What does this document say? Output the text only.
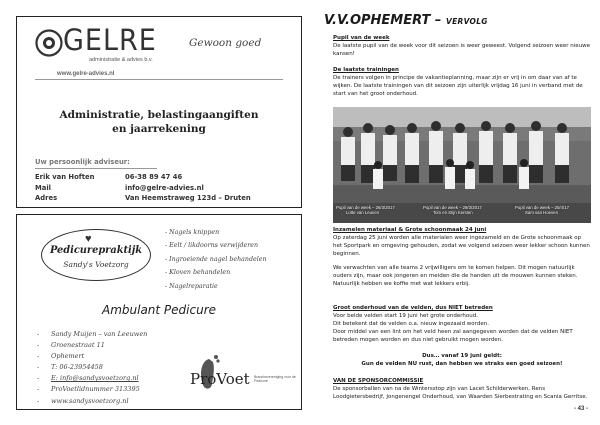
GELRE
administratie & advies b.v.
Gewoon goed
www.gelre-advies.nl
Administratie, belastingaangiften
en jaarrekening
Uw persoonlijk adviseur:
Erik van Hoften	06-38 89 47 46
Mail	info@gelre-advies.nl
Adres	Van Heemstraweg 123d – Druten
♥
Pedicurepraktijk
Sandy's Voetzorg
- Nagels knippen
- Eelt / likdoorns verwijderen
- Ingroeiende nagel behandelen
- Kloven behandelen
- Nagelreparatie
Ambulant Pedicure
- Sandy Muijen – van Leeuwen
- Groenestraat 11
- Ophemert
- T: 06-23954458
- E: info@sandysvoetzorg.nl
- ProVoetlidnummer 313395
- www.sandysvoetzorg.nl
ProVoet Branchevereniging voor de Pedicure
V.V.OPHEMERT – VERVOLG
Pupil van de week
De laatste pupil van de week voor dit seizoen is weer geweest. Volgend seizoen weer nieuwe kansen!
De laatste trainingen
De trainers volgen in principe de vakantieplanning, maar zijn er vrij in om daar van af te wijken. De laatste trainingen van dit seizoen zijn uiterlijk vrijdag 16 juni in verband met de start van het groot onderhoud.
Pupil van de week – 26/3/2017
Lotte van Leuven
Pupil van de week – 29/3/2017
Tom en Stijn Kersten
Pupil van de week – 20/4/17
Sam van Hoeven
Inzamelen materiaal & Grote schoonmaak 24 juni
Op zaterdag 25 juni worden alle materialen weer ingezameld en de Grote schoonmaak op het Sportpark en omgeving gehouden, zodat we volgend seizoen weer lekker schoon kunnen beginnen.
We verwachten van alle teams 2 vrijwilligers om te komen helpen. Dit mogen natuurlijk ouders zijn, maar ook jongeren en meiden die de handen uit de mouwen kunnen steken. Natuurlijk hebben we koffie met wat lekkers erbij.
Groot onderhoud van de velden, dus NIET betreden
Voor beide velden start 19 juni het grote onderhoud.
Dit betekent dat de velden o.a. nieuw ingezaaid worden.
Door middel van een lint om het veld heen zal aangegeven worden dat de velden NIET betreden mogen worden en dus niet gebruikt mogen worden.
Dus… vanaf 19 juni geldt:
Gun de velden NU rust, dan hebben we straks een goed seizoen!
VAN DE SPONSORCOMMISSIE
De sponsorballen van na de Wintersstop zijn van Lacet Schilderwerken, Rens Loodgietersbedrijf, Jongenengel Onderhoud, van Waarden Sierbestrating en Scania Gerritse.
- 43 -
